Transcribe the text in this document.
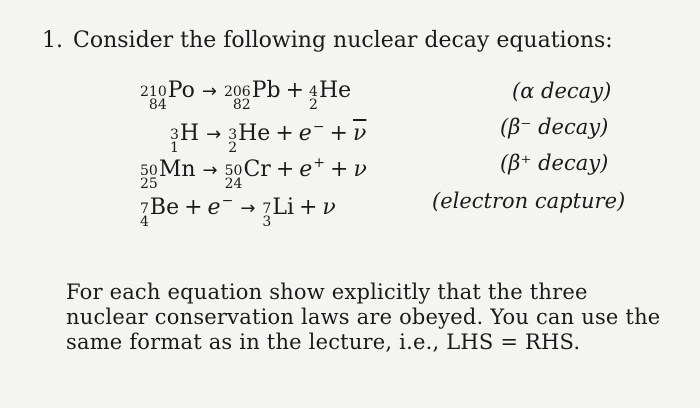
1. Consider the following nuclear decay equations:
210
84
Po → 206
82
Pb + 4
2
He	(α decay)
3
1
H → 3
2
$He + e^- + \overline{\nu}$	(β⁻ decay)
50
25
Mn → 50
24
Cr + e+ + ν	(β⁺ decay)
7
4
Be + e− → 7
3
Li + ν	(electron capture)
For each equation show explicitly that the three nuclear conservation laws are obeyed. You can use the same format as in the lecture, i.e., LHS = RHS.
